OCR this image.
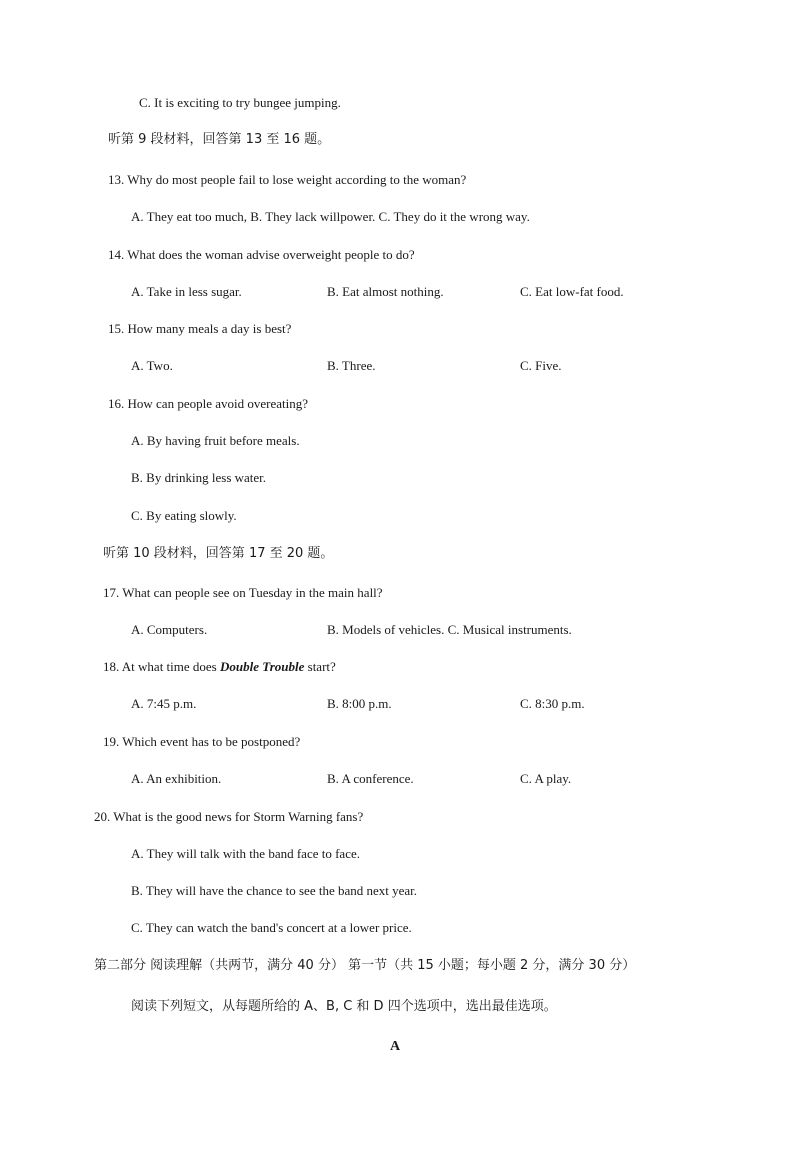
C. It is exciting to try bungee jumping.
听第 9 段材料，回答第 13 至 16 题。
13. Why do most people fail to lose weight according to the woman?
A. They eat too much, B. They lack willpower. C. They do it the wrong way.
14. What does the woman advise overweight people to do?
A. Take in less sugar.	B. Eat almost nothing.	C. Eat low-fat food.
15. How many meals a day is best?
A. Two.	B. Three.	C. Five.
16. How can people avoid overeating?
A. By having fruit before meals.
B. By drinking less water.
C. By eating slowly.
听第 10 段材料，回答第 17 至 20 题。
17. What can people see on Tuesday in the main hall?
A. Computers.	B. Models of vehicles. C. Musical instruments.
18. At what time does Double Trouble start?
A. 7:45 p.m.	B. 8:00 p.m.	C. 8:30 p.m.
19. Which event has to be postponed?
A. An exhibition.	B. A conference.	C. A play.
20. What is the good news for Storm Warning fans?
A. They will talk with the band face to face.
B. They will have the chance to see the band next year.
C. They can watch the band's concert at a lower price.
第二部分 阅读理解（共两节，满分 40 分） 第一节（共 15 小题；每小题 2 分，满分 30 分）
阅读下列短文，从每题所给的 A、B, C 和 D 四个选项中，选出最佳选项。
A
